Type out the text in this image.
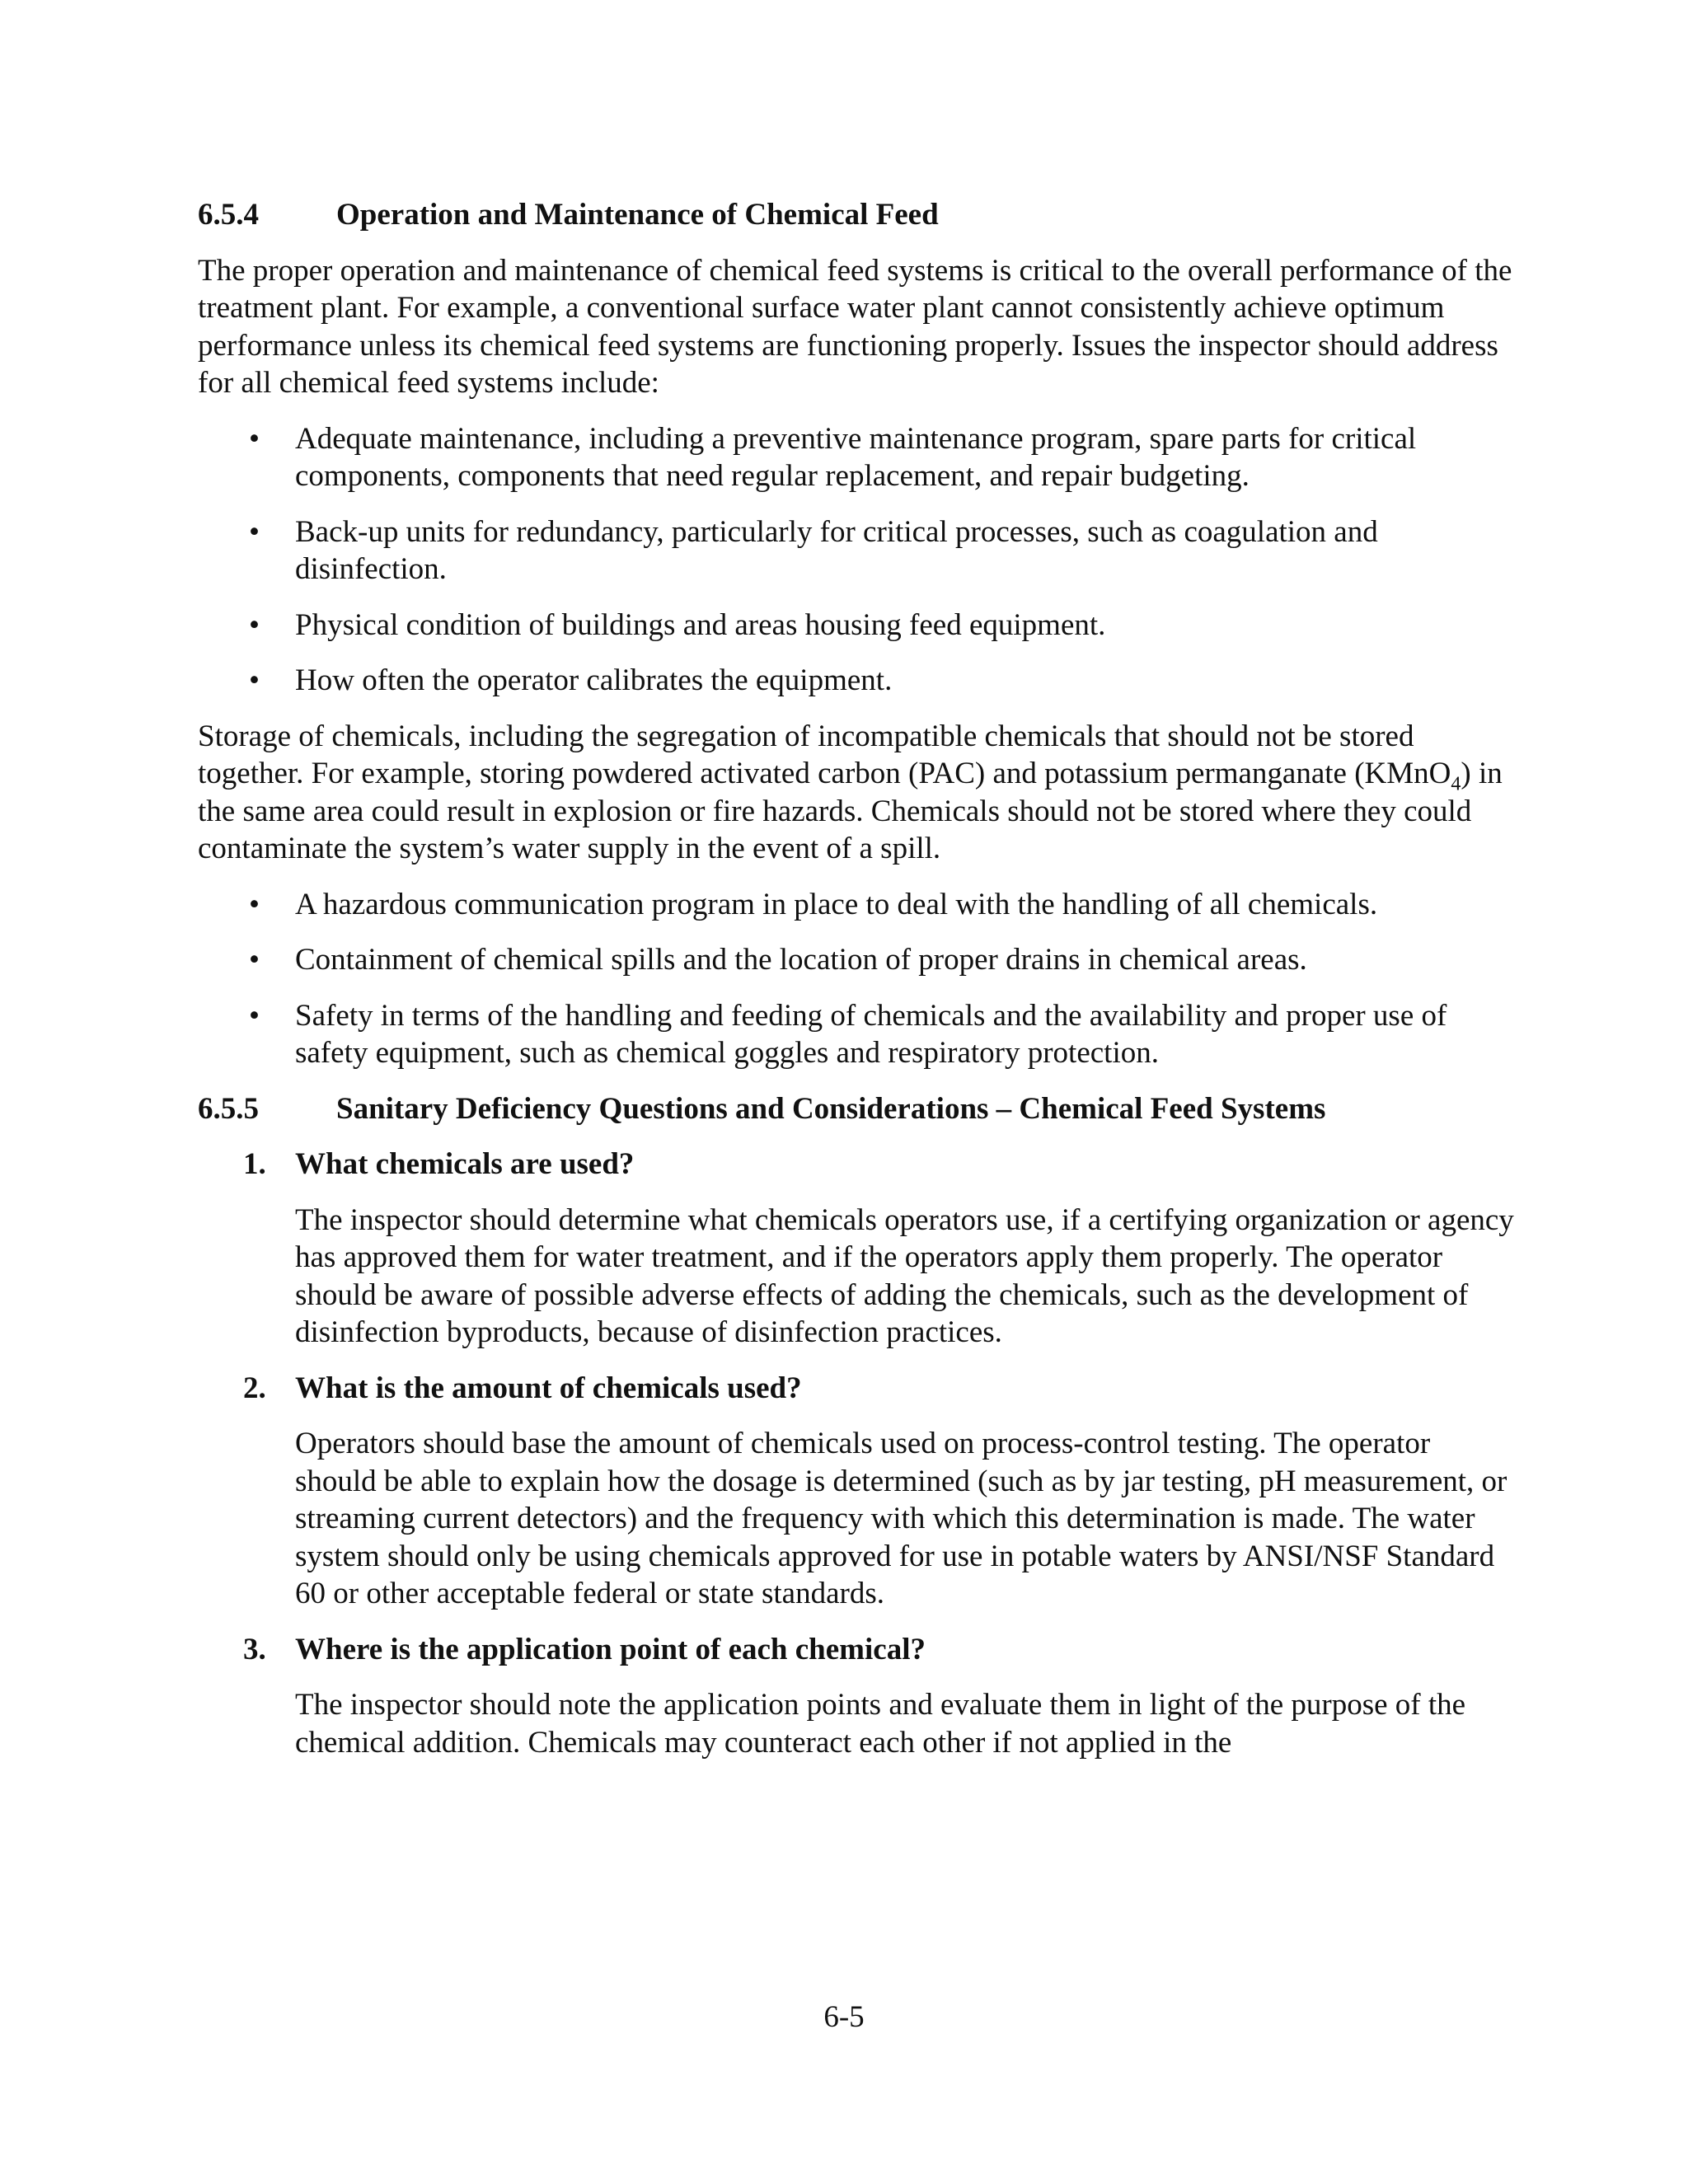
6.5.4	Operation and Maintenance of Chemical Feed

The proper operation and maintenance of chemical feed systems is critical to the overall performance of the treatment plant. For example, a conventional surface water plant cannot consistently achieve optimum performance unless its chemical feed systems are functioning properly. Issues the inspector should address for all chemical feed systems include:

• Adequate maintenance, including a preventive maintenance program, spare parts for critical components, components that need regular replacement, and repair budgeting.
• Back-up units for redundancy, particularly for critical processes, such as coagulation and disinfection.
• Physical condition of buildings and areas housing feed equipment.
• How often the operator calibrates the equipment.

Storage of chemicals, including the segregation of incompatible chemicals that should not be stored together. For example, storing powdered activated carbon (PAC) and potassium permanganate (KMnO$_4$) in the same area could result in explosion or fire hazards. Chemicals should not be stored where they could contaminate the system’s water supply in the event of a spill.

• A hazardous communication program in place to deal with the handling of all chemicals.
• Containment of chemical spills and the location of proper drains in chemical areas.
• Safety in terms of the handling and feeding of chemicals and the availability and proper use of safety equipment, such as chemical goggles and respiratory protection.
6.5.5	Sanitary Deficiency Questions and Considerations – Chemical Feed Systems
1. What chemicals are used?
The inspector should determine what chemicals operators use, if a certifying organization or agency has approved them for water treatment, and if the operators apply them properly. The operator should be aware of possible adverse effects of adding the chemicals, such as the development of disinfection byproducts, because of disinfection practices.
2. What is the amount of chemicals used?
Operators should base the amount of chemicals used on process-control testing. The operator should be able to explain how the dosage is determined (such as by jar testing, pH measurement, or streaming current detectors) and the frequency with which this determination is made. The water system should only be using chemicals approved for use in potable waters by ANSI/NSF Standard 60 or other acceptable federal or state standards.
3. Where is the application point of each chemical?
The inspector should note the application points and evaluate them in light of the purpose of the chemical addition. Chemicals may counteract each other if not applied in the
6-5
